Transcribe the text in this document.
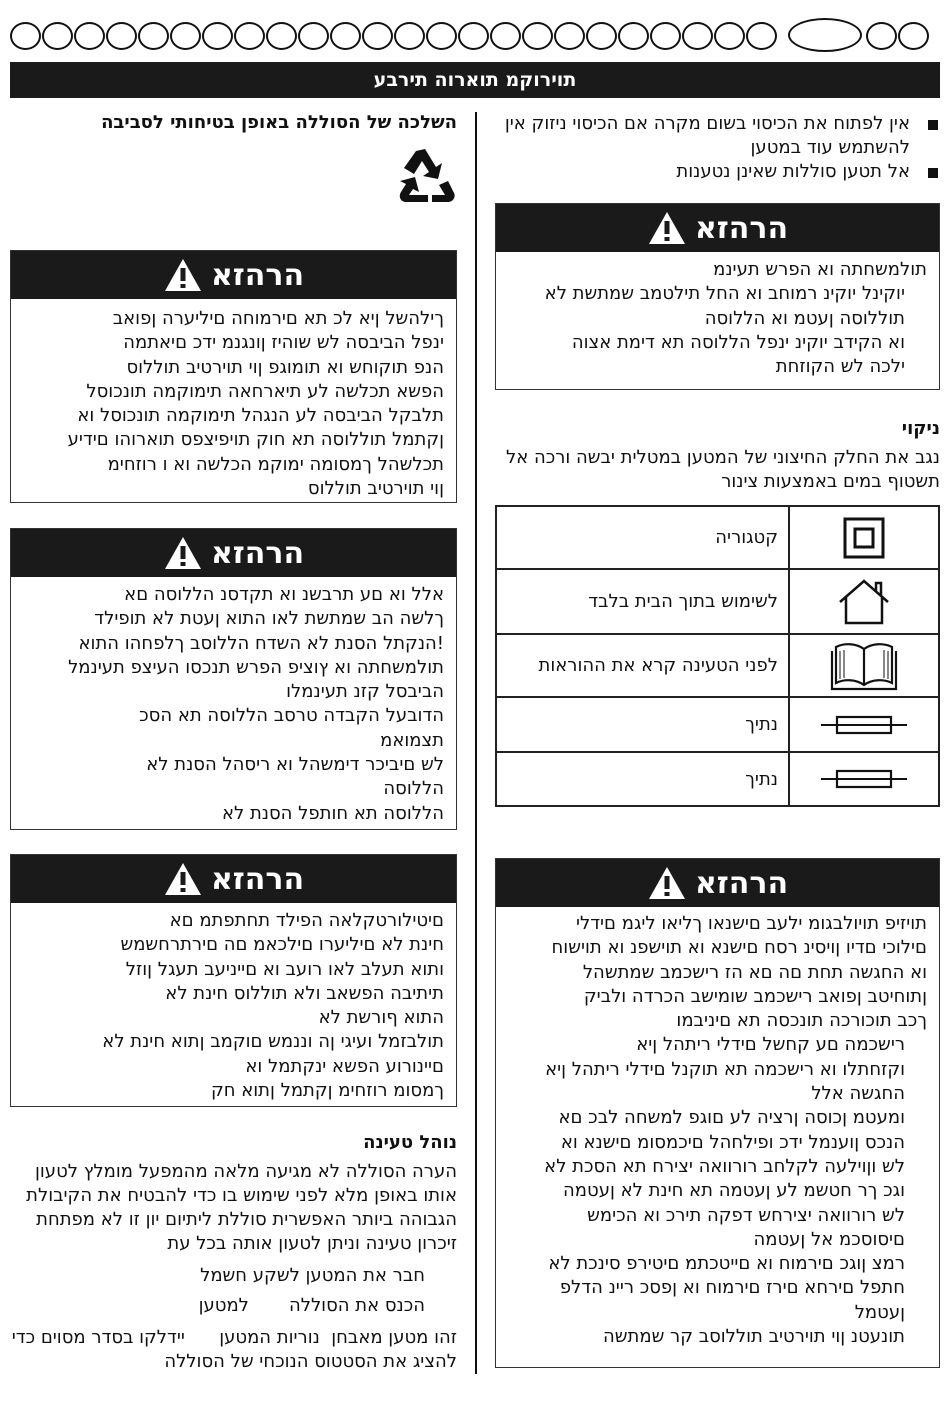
תוירוקמ תוארוה תירבע
אין לפתוח את הכיסוי בשום מקרה אם הכיסוי ניזוק אין להשתמש עוד במטען
אל תטען סוללות שאינן נטענות
הרהזא
תולמשחתה וא הפרש תעינמ
יוקינל יוקינ רמוחב וא החל תילטמב שמתשת לא
תוללוסה ןעטמ וא הללוסה
וא הקידב יוקינ ינפל הללוסה תא דימת אצוה
ילכה לש הקוזחת
ניקוי
נגב את החלק החיצוני של המטען במטלית יבשה ורכה אל תשטוף במים באמצעות צינור
קטגוריה	

לשימוש בתוך הבית בלבד	

לפני הטעינה קרא את ההוראות	

נתיך	

נתיך	
הרהזא
תויזיפ תויולבגומ ילעב םישנאו ךליאו ליגמ םידלי
םילוכי םדיו ןויסינ רסח םישנא וא תוישפנ וא תוישוח
וא החגשה תחת םה םא הז רישכמב שמתשהל
ןתוחיטב ןפואב רישכמב שומישב הכרדה ולביק
ךכב תוכורכה תונכסה תא םיניבמו
רישכמה םע קחשל םידלי ריתהל ןיא
וקזחתלו וא רישכמה תא תוקנל םידלי ריתהל ןיא
החגשה אלל
ומעטמ ןכוסה ןרציה לע םוגפ למשחה לבכ םא
הנכס ןוענמל ידכ ופילחהל םיכמסומ םישנא וא
לש וןוילעה לקלחב רורוואה יצירח תא הסכת לא
וגכ ךר חטשמ לע ןעטמה תא חינת לא ןעטמה
לש רורוואה יצירחש דפקה תירכ וא הכימש
םיסוסכמ אל ןעטמה
רמצ ןוגכ םירמוח וא םייטכתמ םיטירפ סינכת לא
חתפל םירחא םירז םירמוח וא ןפסכ ריינ הדלפ
ןעטמל
תונעטנ ןוי תוירטיב תוללוסב קר שמתשה
השלכה של הסוללה באופן בטיחותי לסביבה
הרהזא
ךילהשל ןיא לכ תא םירמוחה םיליערה ןפואב
ינפל הביבסה לש שוהיז ןונגנמ ידכ םיאתמה
הנפ תוקוחש וא תומוגפ ןוי תוירטיב תוללוס
הפשא תכלשה לע תיארחאה תימוקמה תונכוסל
תלבקל הביבסה לע הנגהל תימוקמה תונכוסל וא
ןקתמל תוללוסה תא חוק תויפיצפס תוארוהו םידיע
תכלשהל ךמסומה ימוקמ הכלשה וא ו רוזחימ
ןוי תוירטיב תוללוס
הרהזא
אלל וא םע תרבשנ וא תקדסנ הללוסה םא
ךלשה הב שמתשת לאו התוא ןעטת לא תופילד
!הנקתל הסנת לא השדח הללוסב ךלפחהו התוא
תולמשחתה וא ץוציפ הפרש תנכסו העיצפ תעינמל
הביבסל קזנ תעינמלו
הדובעל הקבדה טרסב הללוסה תא הסכ
תצמואמ
לש םיביכר דימשהל וא ריסהל הסנת לא
הללוסה
הללוסה תא חותפל הסנת לא
הרהזא
םיטילורטקלאה הפילד תחתפתמ םא
חינת לא םיליערו םילכאמ םה םירתרחשמש
ותוא תעלב לאו רועב וא םייניעב תעגל ןוזל
תיתיבה הפשאב ולא תוללוס חינת לא
התוא ףורשת לא
תולבזמל ועיגי ןה וננמש םוקמב ןתוא חינת לא
םיינורוע הפשא ינקתמל וא
ךמסומ רוזחימ ןקתמל ןתוא חק
נוהל טעינה
הערה הסוללה לא מגיעה מלאה מהמפעל מומלץ לטעון אותו באופן מלא לפני שימוש בו כדי להבטיח את הקיבולת הגבוהה ביותר האפשרית סוללת ליתיום יון זו לא מפתחת זיכרון טעינה וניתן לטעון אותה בכל עת
חבר את המטען לשקע חשמל
הכנס את הסוללה       למטען
זהו מטען מאבחן  נוריות המטען      יידלקו בסדר מסוים כדי להציג את הסטטוס הנוכחי של הסוללה
